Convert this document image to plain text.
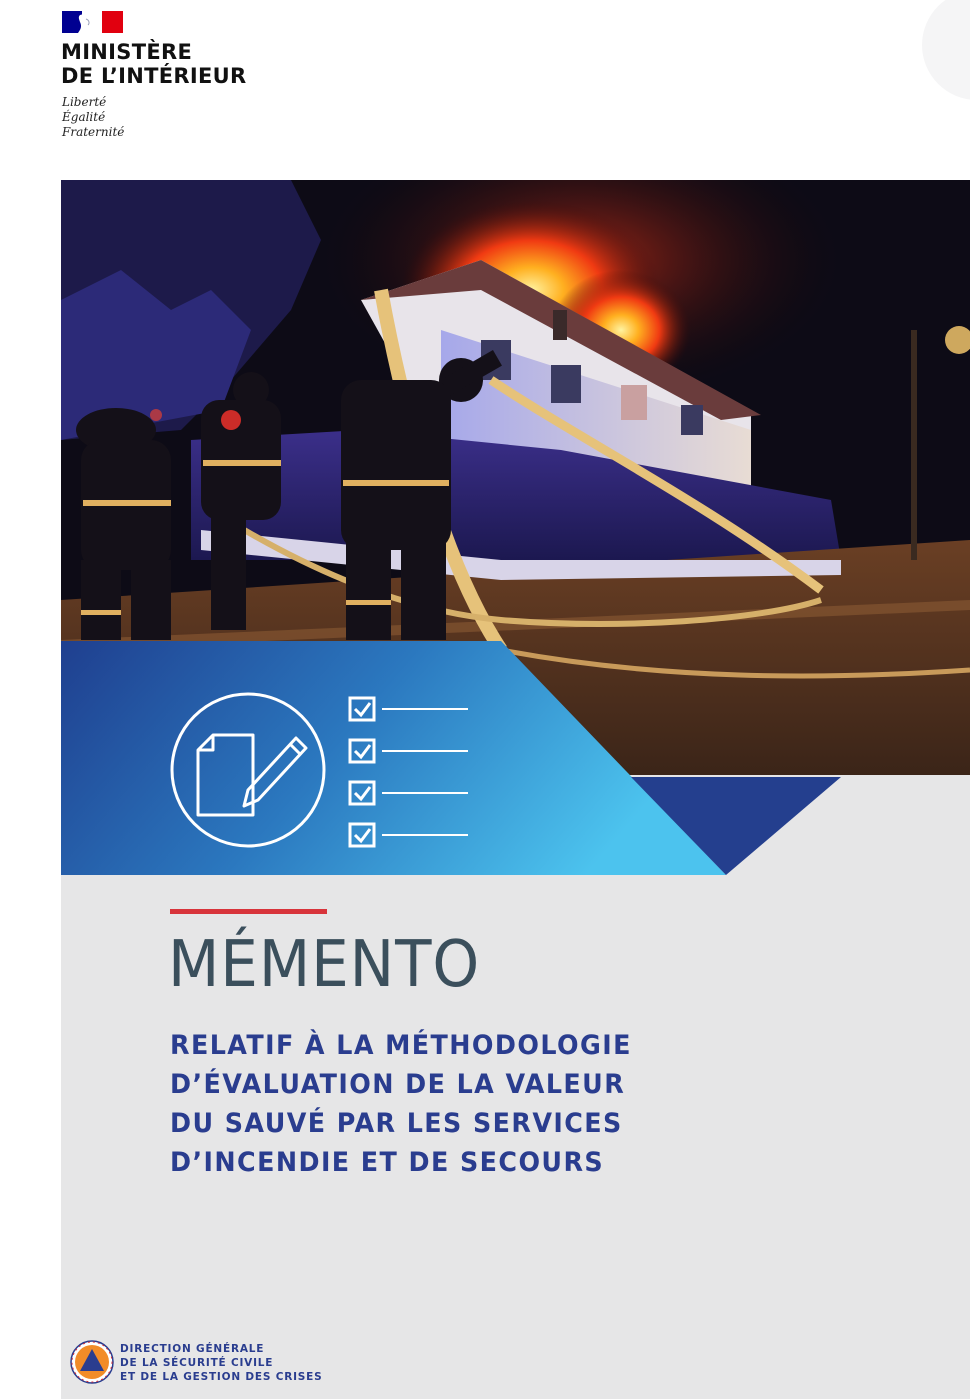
MINISTÈRE
DE L’INTÉRIEUR
Liberté
Égalité
Fraternité
MÉMENTO
RELATIF À LA MÉTHODOLOGIE
D’ÉVALUATION DE LA VALEUR
DU SAUVÉ PAR LES SERVICES
D’INCENDIE ET DE SECOURS
DIRECTION GÉNÉRALE
DE LA SÉCURITÉ CIVILE
ET DE LA GESTION DES CRISES
